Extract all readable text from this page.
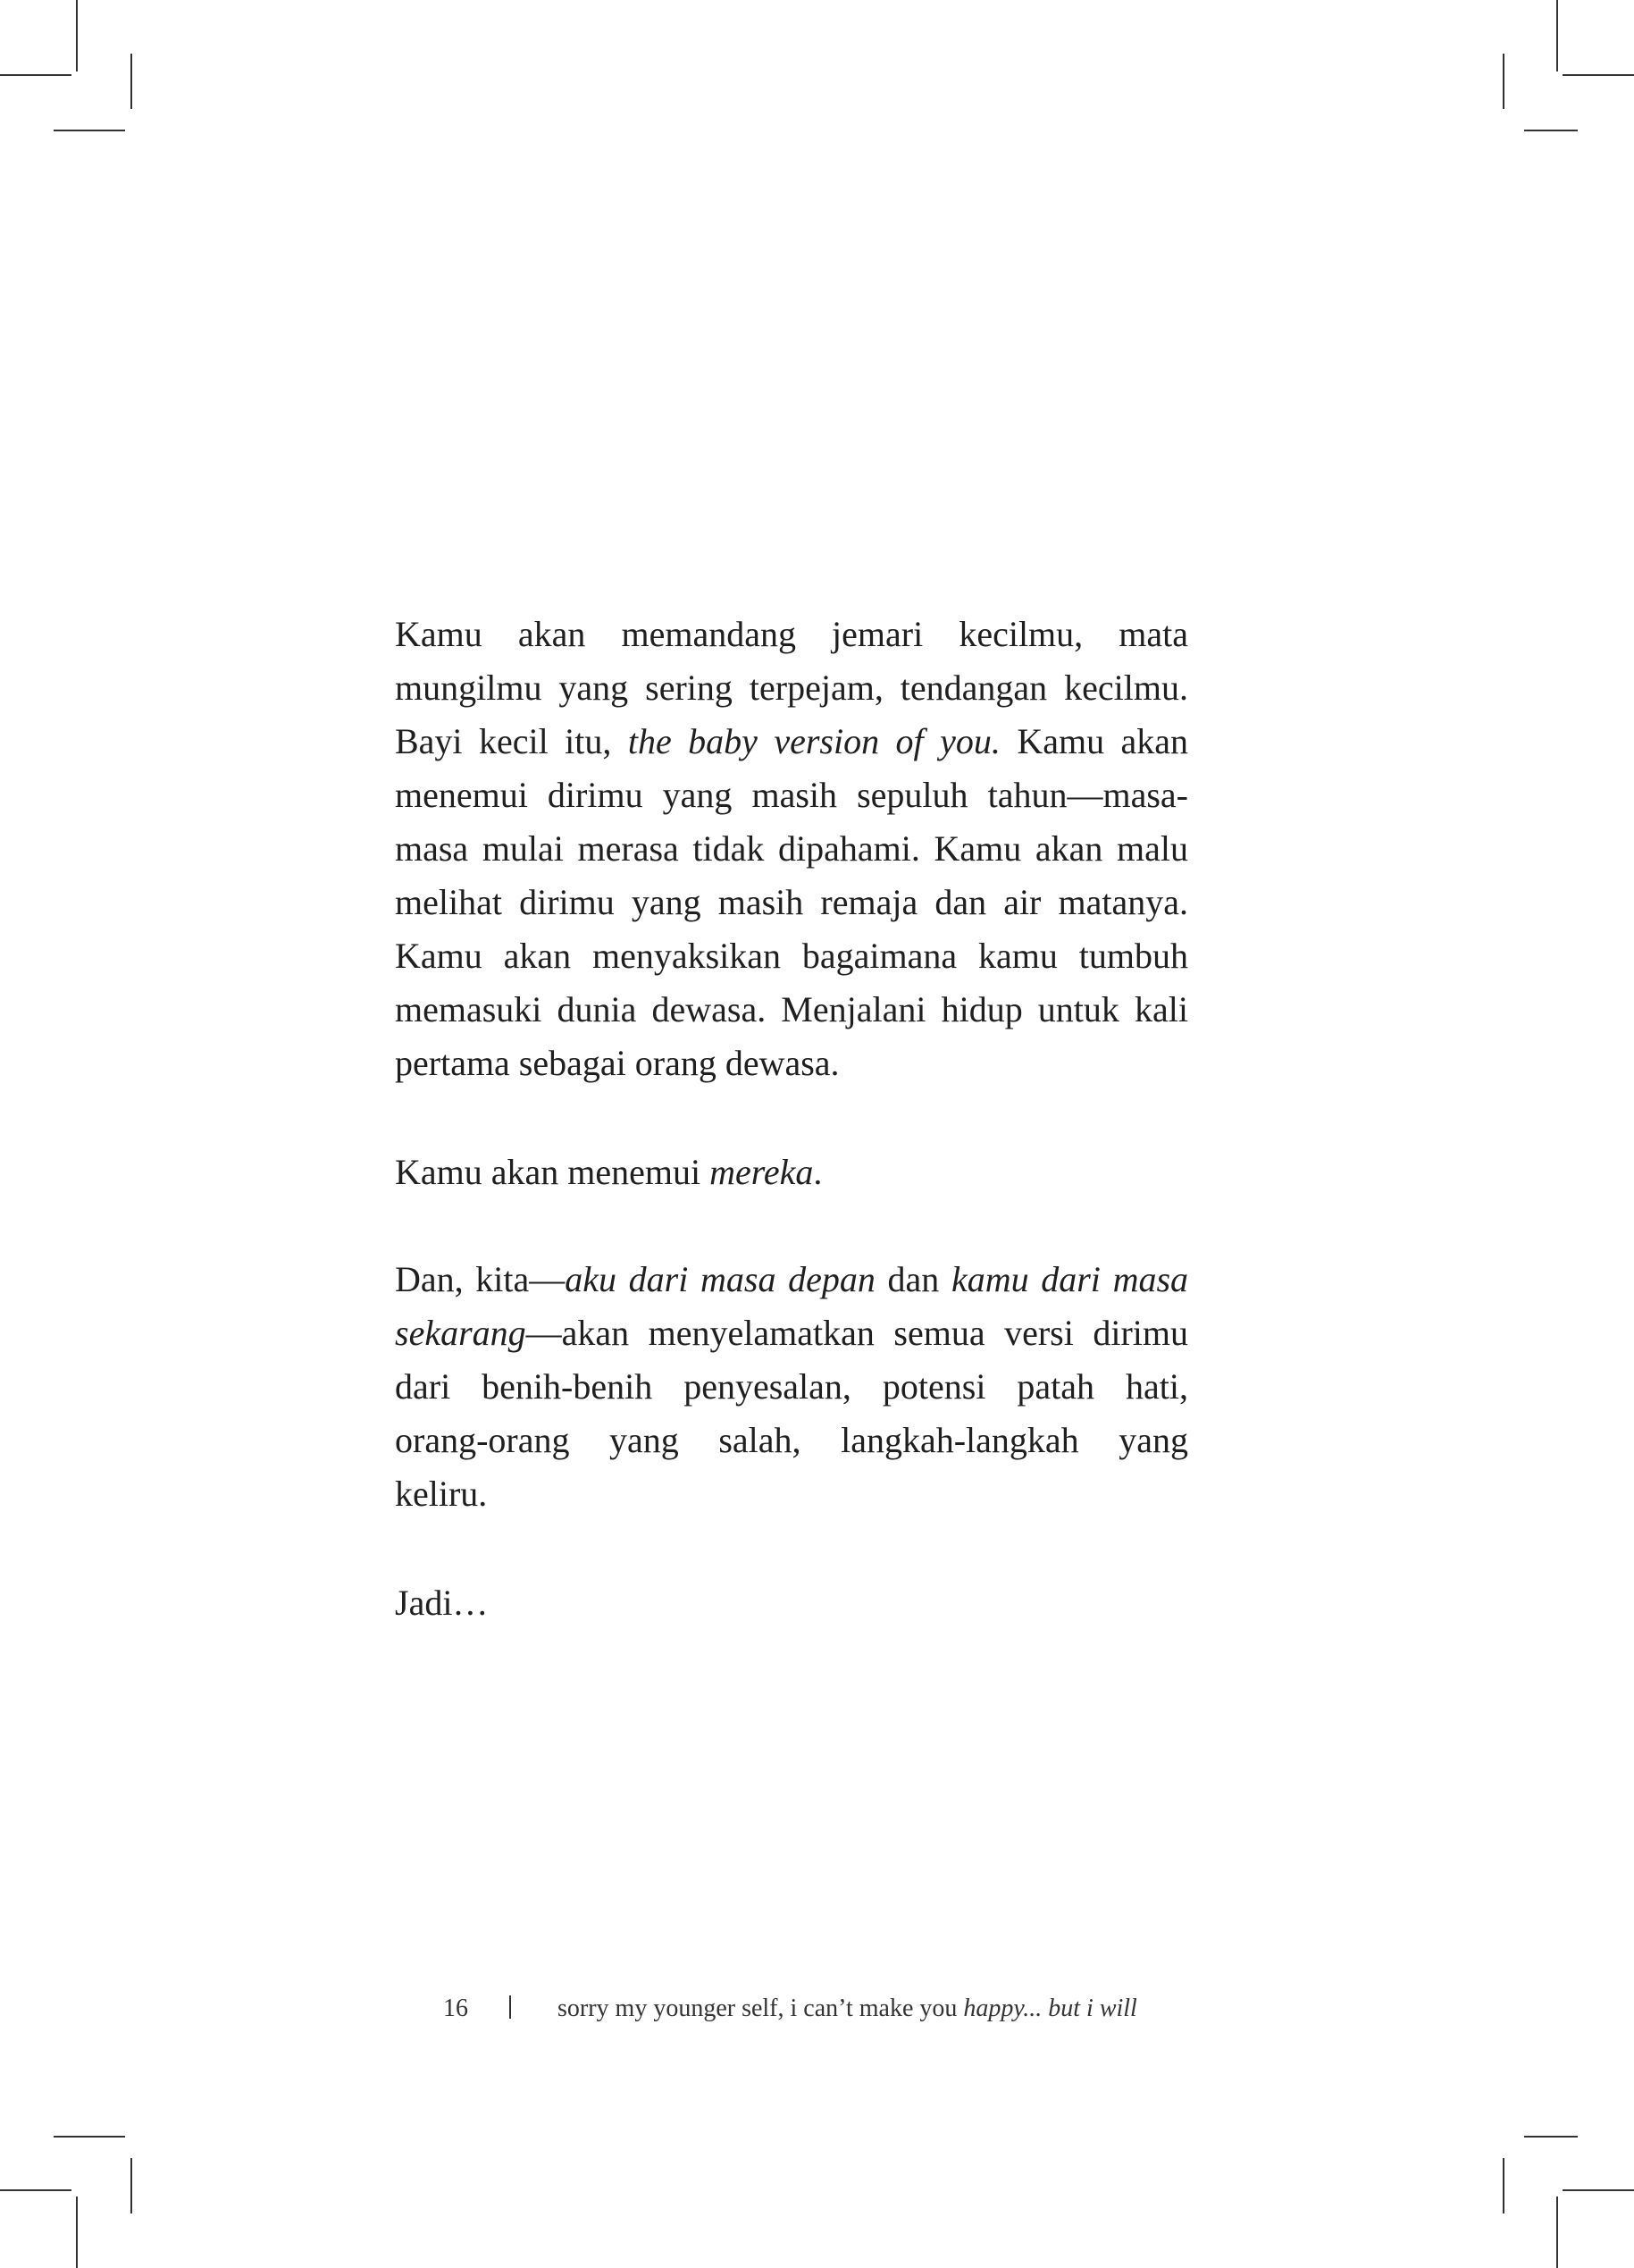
Kamu akan memandang jemari kecilmu, mata
mungilmu yang sering terpejam, tendangan kecilmu.
Bayi kecil itu, the baby version of you. Kamu akan
menemui dirimu yang masih sepuluh tahun—masa-
masa mulai merasa tidak dipahami. Kamu akan malu
melihat dirimu yang masih remaja dan air matanya.
Kamu akan menyaksikan bagaimana kamu tumbuh
memasuki dunia dewasa. Menjalani hidup untuk kali
pertama sebagai orang dewasa.
Kamu akan menemui mereka.
Dan, kita—aku dari masa depan dan kamu dari masa
sekarang—akan menyelamatkan semua versi dirimu
dari benih-benih penyesalan, potensi patah hati,
orang-orang yang salah, langkah-langkah yang
keliru.
Jadi…
16	sorry my younger self, i can’t make you happy... but i will
